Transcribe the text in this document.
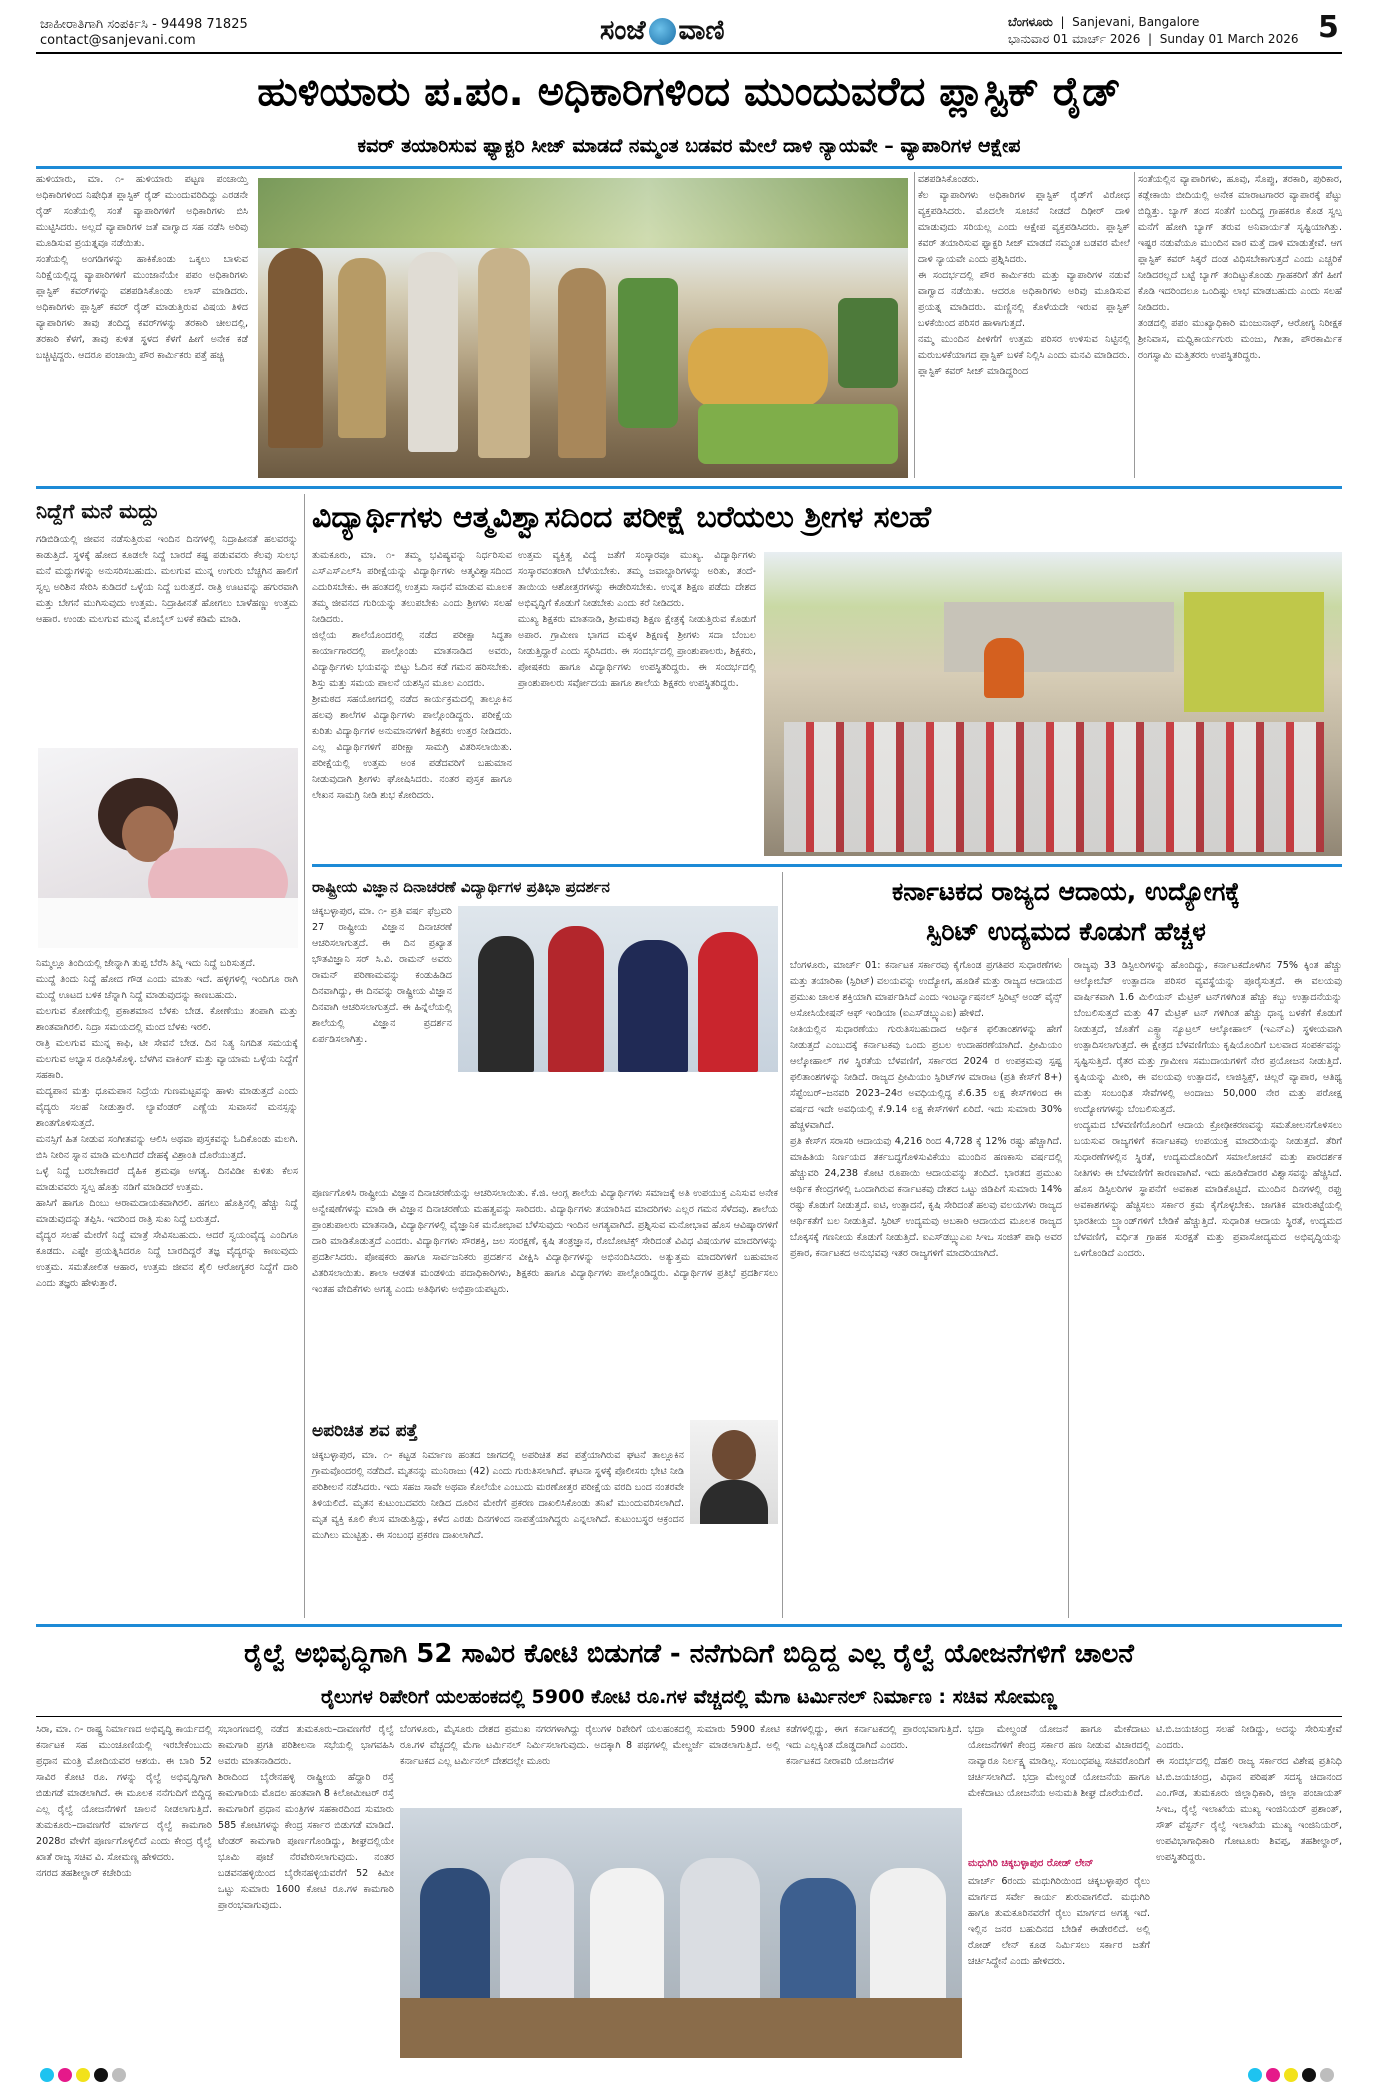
ಜಾಹೀರಾತಿಗಾಗಿ ಸಂಪರ್ಕಿಸಿ - 94498 71825
contact@sanjevani.com	ಸಂಜೆ ವಾಣಿ	ಬೆಂಗಳೂರು  |  Sanjevani, Bangalore
ಭಾನುವಾರ 01 ಮಾರ್ಚ್ 2026  |  Sunday 01 March 2026 5
ಹುಳಿಯಾರು ಪ.ಪಂ. ಅಧಿಕಾರಿಗಳಿಂದ ಮುಂದುವರೆದ ಪ್ಲಾಸ್ಟಿಕ್ ರೈಡ್
ಕವರ್ ತಯಾರಿಸುವ ಫ್ಯಾಕ್ಟರಿ ಸೀಜ್ ಮಾಡದೆ ನಮ್ಮಂತ ಬಡವರ ಮೇಲೆ ದಾಳಿ ನ್ಯಾಯವೇ – ವ್ಯಾಪಾರಿಗಳ ಆಕ್ಷೇಪ
ಹುಳಿಯಾರು, ಮಾ. ೧- ಹುಳಿಯಾರು ಪಟ್ಟಣ ಪಂಚಾಯ್ತಿ ಅಧಿಕಾರಿಗಳಿಂದ ನಿಷೇಧಿತ ಪ್ಲಾಸ್ಟಿಕ್ ರೈಡ್ ಮುಂದುವರಿದಿದ್ದು ಎರಡನೇ ರೈಡ್ ಸಂತೆಯಲ್ಲಿ ಸಂತೆ ವ್ಯಾಪಾರಿಗಳಿಗೆ ಅಧಿಕಾರಿಗಳು ಬಿಸಿ ಮುಟ್ಟಿಸಿದರು. ಅಲ್ಲದೆ ವ್ಯಾಪಾರಿಗಳ ಜತೆ ವಾಗ್ವಾದ ಸಹ ನಡೆಸಿ ಅರಿವು ಮೂಡಿಸುವ ಪ್ರಯತ್ನವೂ ನಡೆಯಿತು.
ಸಂತೆಯಲ್ಲಿ ಅಂಗಡಿಗಳನ್ನು ಹಾಕಿಕೊಂಡು ಒಕ್ಕಲು ಬಾಳುವ ನಿರಿಕ್ಷೆಯಲ್ಲಿದ್ದ ವ್ಯಾಪಾರಿಗಳಿಗೆ ಮುಂಜಾನೆಯೇ ಪಪಂ ಅಧಿಕಾರಿಗಳು ಪ್ಲಾಸ್ಟಿಕ್ ಕವರ್‌ಗಳನ್ನು ವಶಪಡಿಸಿಕೊಂಡು ಲಾಸ್ ಮಾಡಿದರು. ಅಧಿಕಾರಿಗಳು ಪ್ಲಾಸ್ಟಿಕ್ ಕವರ್ ರೈಡ್ ಮಾಡುತ್ತಿರುವ ವಿಷಯ ತಿಳಿದ ವ್ಯಾಪಾರಿಗಳು ತಾವು ತಂದಿದ್ದ ಕವರ್‌ಗಳನ್ನು ತರಕಾರಿ ಚೀಲದಲ್ಲಿ, ತರಕಾರಿ ಕೆಳಗೆ, ತಾವು ಕುಳಿತ ಸ್ಥಳದ ಕೆಳಗೆ ಹೀಗೆ ಅನೇಕ ಕಡೆ ಬಚ್ಚಿಟ್ಟಿದ್ದರು. ಆದರೂ ಪಂಚಾಯ್ತಿ ಪೌರ ಕಾರ್ಮಿಕರು ಪತ್ತೆ ಹಚ್ಚಿ
ವಶಪಡಿಸಿಕೊಂಡರು.
ಕೆಲ ವ್ಯಾಪಾರಿಗಳು ಅಧಿಕಾರಿಗಳ ಪ್ಲಾಸ್ಟಿಕ್ ರೈಡ್‌ಗೆ ವಿರೋಧ ವ್ಯಕ್ತಪಡಿಸಿದರು. ಮೊದಲೇ ಸೂಚನೆ ನೀಡದೆ ದಿಢೀರ್ ದಾಳಿ ಮಾಡುವುದು ಸರಿಯಲ್ಲ ಎಂದು ಆಕ್ಷೇಪ ವ್ಯಕ್ತಪಡಿಸಿದರು. ಪ್ಲಾಸ್ಟಿಕ್ ಕವರ್ ತಯಾರಿಸುವ ಫ್ಯಾಕ್ಟರಿ ಸೀಜ್ ಮಾಡದೆ ನಮ್ಮಂತ ಬಡವರ ಮೇಲೆ ದಾಳಿ ನ್ಯಾಯವೇ ಎಂದು ಪ್ರಶ್ನಿಸಿದರು.
ಈ ಸಂದರ್ಭದಲ್ಲಿ ಪೌರ ಕಾರ್ಮಿಕರು ಮತ್ತು ವ್ಯಾಪಾರಿಗಳ ನಡುವೆ ವಾಗ್ವಾದ ನಡೆಯಿತು. ಆದರೂ ಅಧಿಕಾರಿಗಳು ಅರಿವು ಮೂಡಿಸುವ ಪ್ರಯತ್ನ ಮಾಡಿದರು. ಮಣ್ಣಿನಲ್ಲಿ ಕೊಳೆಯದೇ ಇರುವ ಪ್ಲಾಸ್ಟಿಕ್ ಬಳಕೆಯಿಂದ ಪರಿಸರ ಹಾಳಾಗುತ್ತದೆ.
ನಮ್ಮ ಮುಂದಿನ ಪೀಳಿಗೆಗೆ ಉತ್ತಮ ಪರಿಸರ ಉಳಿಸುವ ನಿಟ್ಟಿನಲ್ಲಿ ಮರುಬಳಕೆಯಾಗದ ಪ್ಲಾಸ್ಟಿಕ್ ಬಳಕೆ ನಿಲ್ಲಿಸಿ ಎಂದು ಮನವಿ ಮಾಡಿದರು. ಪ್ಲಾಸ್ಟಿಕ್ ಕವರ್ ಸೀಜ್ ಮಾಡಿದ್ದರಿಂದ
ಸಂತೆಯಲ್ಲಿನ ವ್ಯಾಪಾರಿಗಳು, ಹೂವು, ಸೊಪ್ಪು, ತರಕಾರಿ, ಪುರಿಕಾರ, ಕಡ್ಲೇಕಾಯಿ ಬೀದಿಯಲ್ಲಿ ಅನೇಕ ಮಾರಾಟಗಾರರ ವ್ಯಾಪಾರಕ್ಕೆ ಪೆಟ್ಟು ಬಿದ್ದಿತ್ತು. ಬ್ಯಾಗ್ ತಂದ ಸಂತೆಗೆ ಬಂದಿದ್ದ ಗ್ರಾಹಕರೂ ಕೊಡ ಸ್ವಲ್ಪ ಮನೆಗೆ ಹೋಗಿ ಬ್ಯಾಗ್ ತರುವ ಅನಿವಾರ್ಯತೆ ಸೃಷ್ಟಿಯಾಗಿತ್ತು. ಇಷ್ಟರ ನಡುವೆಯೂ ಮುಂದಿನ ವಾರ ಮತ್ತೆ ದಾಳಿ ಮಾಡುತ್ತೇವೆ. ಆಗ ಪ್ಲಾಸ್ಟಿಕ್ ಕವರ್ ಸಿಕ್ಕರೆ ದಂಡ ವಿಧಿಸಬೇಕಾಗುತ್ತದೆ ಎಂದು ಎಚ್ಚರಿಕೆ ನೀಡಿದರಲ್ಲದೆ ಬಟ್ಟೆ ಬ್ಯಾಗ್ ತಂದಿಟ್ಟುಕೊಂಡು ಗ್ರಾಹಕರಿಗೆ ತೆಗೆ ಹೀಗೆ ಕೊಡಿ ಇದರಿಂದಲೂ ಒಂದಿಷ್ಟು ಲಾಭ ಮಾಡಬಹುದು ಎಂದು ಸಲಹೆ ನೀಡಿದರು.
ತಂಡದಲ್ಲಿ ಪಪಂ ಮುಖ್ಯಾಧಿಕಾರಿ ಮಂಜುನಾಥ್, ಆರೋಗ್ಯ ನಿರೀಕ್ಷಕ ಶ್ರೀನಿವಾಸ, ಮಧ್ವಿಕಾರ್ಯಗುರು ಮಂಜು, ಗೀತಾ, ಪೌರಕಾರ್ಮಿಕ ರಂಗಸ್ವಾಮಿ ಮತ್ತಿತರರು ಉಪಸ್ಥಿತರಿದ್ದರು.
ನಿದ್ದೆಗೆ ಮನೆ ಮದ್ದು
ಗಡಿಬಿಡಿಯಲ್ಲಿ ಜೀವನ ನಡೆಸುತ್ತಿರುವ ಇಂದಿನ ದಿನಗಳಲ್ಲಿ ನಿದ್ರಾಹೀನತೆ ಹಲವರನ್ನು ಕಾಡುತ್ತಿದೆ. ಸ್ಥಳಕ್ಕೆ ಹೋದ ಕೂಡಲೇ ನಿದ್ದೆ ಬಾರದೆ ಕಷ್ಟ ಪಡುವವರು ಕೆಲವು ಸುಲಭ ಮನೆ ಮದ್ದುಗಳನ್ನು ಅನುಸರಿಸಬಹುದು. ಮಲಗುವ ಮುನ್ನ ಉಗುರು ಬೆಚ್ಚಗಿನ ಹಾಲಿಗೆ ಸ್ವಲ್ಪ ಅರಿಶಿನ ಸೇರಿಸಿ ಕುಡಿದರೆ ಒಳ್ಳೆಯ ನಿದ್ದೆ ಬರುತ್ತದೆ. ರಾತ್ರಿ ಊಟವನ್ನು ಹಗುರವಾಗಿ ಮತ್ತು ಬೇಗನೆ ಮುಗಿಸುವುದು ಉತ್ತಮ. ನಿದ್ರಾಹೀನತೆ ಹೋಗಲು ಬಾಳೆಹಣ್ಣು ಉತ್ತಮ ಆಹಾರ. ಉಂಡು ಮಲಗುವ ಮುನ್ನ ಮೊಬೈಲ್ ಬಳಕೆ ಕಡಿಮೆ ಮಾಡಿ.
ನಿಮ್ಮಲ್ಲೂ ತಿಂದಿಯಲ್ಲಿ ಜೇನ್ನಾಗಿ ತುಪ್ಪ ಬೆರೆಸಿ ತಿನ್ನಿ ಇದು ನಿದ್ದೆ ಬರಿಸುತ್ತದೆ.
ಮುದ್ದೆ ತಿಂದು ನಿದ್ದೆ ಹೋದ ಗೌಡ ಎಂದು ಮಾತು ಇದೆ. ಹಳ್ಳಿಗಳಲ್ಲಿ ಇಂದಿಗೂ ರಾಗಿ ಮುದ್ದೆ ಊಟದ ಬಳಿಕ ಚೆನ್ನಾಗಿ ನಿದ್ದೆ ಮಾಡುವುದನ್ನು ಕಾಣಬಹುದು.
ಮಲಗುವ ಕೋಣೆಯಲ್ಲಿ ಪ್ರಕಾಶಮಾನ ಬೆಳಕು ಬೇಡ. ಕೋಣೆಯು ತಂಪಾಗಿ ಮತ್ತು ಶಾಂತವಾಗಿರಲಿ. ನಿದ್ರಾ ಸಮಯದಲ್ಲಿ ಮಂದ ಬೆಳಕು ಇರಲಿ.
ರಾತ್ರಿ ಮಲಗುವ ಮುನ್ನ ಕಾಫಿ, ಟೀ ಸೇವನೆ ಬೇಡ. ದಿನ ನಿತ್ಯ ನಿಗದಿತ ಸಮಯಕ್ಕೆ ಮಲಗುವ ಅಭ್ಯಾಸ ರೂಢಿಸಿಕೊಳ್ಳಿ. ಬೆಳಗಿನ ವಾಕಿಂಗ್ ಮತ್ತು ವ್ಯಾಯಾಮ ಒಳ್ಳೆಯ ನಿದ್ದೆಗೆ ಸಹಕಾರಿ.
ಮದ್ಯಪಾನ ಮತ್ತು ಧೂಮಪಾನ ನಿದ್ರೆಯ ಗುಣಮಟ್ಟವನ್ನು ಹಾಳು ಮಾಡುತ್ತದೆ ಎಂದು ವೈದ್ಯರು ಸಲಹೆ ನೀಡುತ್ತಾರೆ. ಲ್ಯಾವೆಂಡರ್ ಎಣ್ಣೆಯ ಸುವಾಸನೆ ಮನಸ್ಸನ್ನು ಶಾಂತಗೊಳಿಸುತ್ತದೆ.
ಮನಸ್ಸಿಗೆ ಹಿತ ನೀಡುವ ಸಂಗೀತವನ್ನು ಆಲಿಸಿ ಅಥವಾ ಪುಸ್ತಕವನ್ನು ಓದಿಕೊಂಡು ಮಲಗಿ. ಬಿಸಿ ನೀರಿನ ಸ್ನಾನ ಮಾಡಿ ಮಲಗಿದರೆ ದೇಹಕ್ಕೆ ವಿಶ್ರಾಂತಿ ದೊರೆಯುತ್ತದೆ.
ಒಳ್ಳೆ ನಿದ್ದೆ ಬರಬೇಕಾದರೆ ದೈಹಿಕ ಶ್ರಮವೂ ಅಗತ್ಯ. ದಿನವಿಡೀ ಕುಳಿತು ಕೆಲಸ ಮಾಡುವವರು ಸ್ವಲ್ಪ ಹೊತ್ತು ನಡಿಗೆ ಮಾಡಿದರೆ ಉತ್ತಮ.
ಹಾಸಿಗೆ ಹಾಗೂ ದಿಂಬು ಆರಾಮದಾಯಕವಾಗಿರಲಿ. ಹಗಲು ಹೊತ್ತಿನಲ್ಲಿ ಹೆಚ್ಚು ನಿದ್ದೆ ಮಾಡುವುದನ್ನು ತಪ್ಪಿಸಿ. ಇದರಿಂದ ರಾತ್ರಿ ಸುಖ ನಿದ್ದೆ ಬರುತ್ತದೆ.
ವೈದ್ಯರ ಸಲಹೆ ಮೇರೆಗೆ ನಿದ್ದೆ ಮಾತ್ರೆ ಸೇವಿಸಬಹುದು. ಆದರೆ ಸ್ವಯಂವೈದ್ಯ ಎಂದಿಗೂ ಕೂಡದು. ಎಷ್ಟೇ ಪ್ರಯತ್ನಿಸಿದರೂ ನಿದ್ದೆ ಬಾರದಿದ್ದರೆ ತಜ್ಞ ವೈದ್ಯರನ್ನು ಕಾಣುವುದು ಉತ್ತಮ. ಸಮತೋಲಿತ ಆಹಾರ, ಉತ್ತಮ ಜೀವನ ಶೈಲಿ ಆರೋಗ್ಯಕರ ನಿದ್ದೆಗೆ ದಾರಿ ಎಂದು ತಜ್ಞರು ಹೇಳುತ್ತಾರೆ.
ವಿದ್ಯಾರ್ಥಿಗಳು ಆತ್ಮವಿಶ್ವಾಸದಿಂದ ಪರೀಕ್ಷೆ ಬರೆಯಲು ಶ್ರೀಗಳ ಸಲಹೆ
ತುಮಕೂರು, ಮಾ. ೧- ತಮ್ಮ ಭವಿಷ್ಯವನ್ನು ನಿರ್ಧರಿಸುವ ಎಸ್‌ಎಸ್‌ಎಲ್‌ಸಿ ಪರೀಕ್ಷೆಯನ್ನು ವಿದ್ಯಾರ್ಥಿಗಳು ಆತ್ಮವಿಶ್ವಾಸದಿಂದ ಎದುರಿಸಬೇಕು. ಈ ಹಂತದಲ್ಲಿ ಉತ್ತಮ ಸಾಧನೆ ಮಾಡುವ ಮೂಲಕ ತಮ್ಮ ಜೀವನದ ಗುರಿಯನ್ನು ತಲುಪಬೇಕು ಎಂದು ಶ್ರೀಗಳು ಸಲಹೆ ನೀಡಿದರು.
ಜಿಲ್ಲೆಯ ಶಾಲೆಯೊಂದರಲ್ಲಿ ನಡೆದ ಪರೀಕ್ಷಾ ಸಿದ್ಧತಾ ಕಾರ್ಯಾಗಾರದಲ್ಲಿ ಪಾಲ್ಗೊಂಡು ಮಾತನಾಡಿದ ಅವರು, ವಿದ್ಯಾರ್ಥಿಗಳು ಭಯವನ್ನು ಬಿಟ್ಟು ಓದಿನ ಕಡೆ ಗಮನ ಹರಿಸಬೇಕು. ಶಿಸ್ತು ಮತ್ತು ಸಮಯ ಪಾಲನೆ ಯಶಸ್ಸಿನ ಮೂಲ ಎಂದರು.
ಶ್ರೀಮಠದ ಸಹಯೋಗದಲ್ಲಿ ನಡೆದ ಕಾರ್ಯಕ್ರಮದಲ್ಲಿ ತಾಲ್ಲೂಕಿನ ಹಲವು ಶಾಲೆಗಳ ವಿದ್ಯಾರ್ಥಿಗಳು ಪಾಲ್ಗೊಂಡಿದ್ದರು. ಪರೀಕ್ಷೆಯ ಕುರಿತು ವಿದ್ಯಾರ್ಥಿಗಳ ಅನುಮಾನಗಳಿಗೆ ಶಿಕ್ಷಕರು ಉತ್ತರ ನೀಡಿದರು. ಎಲ್ಲ ವಿದ್ಯಾರ್ಥಿಗಳಿಗೆ ಪರೀಕ್ಷಾ ಸಾಮಗ್ರಿ ವಿತರಿಸಲಾಯಿತು. ಪರೀಕ್ಷೆಯಲ್ಲಿ ಉತ್ತಮ ಅಂಕ ಪಡೆದವರಿಗೆ ಬಹುಮಾನ ನೀಡುವುದಾಗಿ ಶ್ರೀಗಳು ಘೋಷಿಸಿದರು. ನಂತರ ಪುಸ್ತಕ ಹಾಗೂ ಲೇಖನ ಸಾಮಗ್ರಿ ನೀಡಿ ಶುಭ ಕೋರಿದರು.
ಉತ್ತಮ ವ್ಯಕ್ತಿತ್ವ ವಿದ್ಯೆ ಜತೆಗೆ ಸಂಸ್ಕಾರವೂ ಮುಖ್ಯ. ವಿದ್ಯಾರ್ಥಿಗಳು ಸಂಸ್ಕಾರವಂತರಾಗಿ ಬೆಳೆಯಬೇಕು. ತಮ್ಮ ಜವಾಬ್ದಾರಿಗಳನ್ನು ಅರಿತು, ತಂದೆ-ತಾಯಿಯ ಆಶೋತ್ತರಗಳನ್ನು ಈಡೇರಿಸಬೇಕು. ಉನ್ನತ ಶಿಕ್ಷಣ ಪಡೆದು ದೇಶದ ಅಭಿವೃದ್ಧಿಗೆ ಕೊಡುಗೆ ನೀಡಬೇಕು ಎಂದು ಕರೆ ನೀಡಿದರು.
ಮುಖ್ಯ ಶಿಕ್ಷಕರು ಮಾತನಾಡಿ, ಶ್ರೀಮಠವು ಶಿಕ್ಷಣ ಕ್ಷೇತ್ರಕ್ಕೆ ನೀಡುತ್ತಿರುವ ಕೊಡುಗೆ ಅಪಾರ. ಗ್ರಾಮೀಣ ಭಾಗದ ಮಕ್ಕಳ ಶಿಕ್ಷಣಕ್ಕೆ ಶ್ರೀಗಳು ಸದಾ ಬೆಂಬಲ ನೀಡುತ್ತಿದ್ದಾರೆ ಎಂದು ಸ್ಮರಿಸಿದರು. ಈ ಸಂದರ್ಭದಲ್ಲಿ ಪ್ರಾಂಶುಪಾಲರು, ಶಿಕ್ಷಕರು, ಪೋಷಕರು ಹಾಗೂ ವಿದ್ಯಾರ್ಥಿಗಳು ಉಪಸ್ಥಿತರಿದ್ದರು. ಈ ಸಂದರ್ಭದಲ್ಲಿ ಪ್ರಾಂಶುಪಾಲರು ಸರ್ವೋದಯ ಹಾಗೂ ಶಾಲೆಯ ಶಿಕ್ಷಕರು ಉಪಸ್ಥಿತರಿದ್ದರು.
ರಾಷ್ಟ್ರೀಯ ವಿಜ್ಞಾನ ದಿನಾಚರಣೆ ವಿದ್ಯಾರ್ಥಿಗಳ ಪ್ರತಿಭಾ ಪ್ರದರ್ಶನ
ಚಿಕ್ಕಬಳ್ಳಾಪುರ, ಮಾ. ೧- ಪ್ರತಿ ವರ್ಷ ಫೆಬ್ರವರಿ 27 ರಾಷ್ಟ್ರೀಯ ವಿಜ್ಞಾನ ದಿನಾಚರಣೆ ಆಚರಿಸಲಾಗುತ್ತದೆ. ಈ ದಿನ ಪ್ರಖ್ಯಾತ ಭೌತವಿಜ್ಞಾನಿ ಸರ್ ಸಿ.ವಿ. ರಾಮನ್ ಅವರು ರಾಮನ್ ಪರಿಣಾಮವನ್ನು ಕಂಡುಹಿಡಿದ ದಿನವಾಗಿದ್ದು, ಈ ದಿನವನ್ನು ರಾಷ್ಟ್ರೀಯ ವಿಜ್ಞಾನ ದಿನವಾಗಿ ಆಚರಿಸಲಾಗುತ್ತದೆ. ಈ ಹಿನ್ನೆಲೆಯಲ್ಲಿ ಶಾಲೆಯಲ್ಲಿ ವಿಜ್ಞಾನ ಪ್ರದರ್ಶನ ಏರ್ಪಡಿಸಲಾಗಿತ್ತು.
ಪೂರ್ಣಗೊಳಿಸಿ ರಾಷ್ಟ್ರೀಯ ವಿಜ್ಞಾನ ದಿನಾಚರಣೆಯನ್ನು ಆಚರಿಸಲಾಯಿತು. ಕೆ.ಜಿ. ಆಂಗ್ಲ ಶಾಲೆಯ ವಿದ್ಯಾರ್ಥಿಗಳು ಸಮಾಜಕ್ಕೆ ಅತಿ ಉಪಯುಕ್ತ ಎನಿಸುವ ಅನೇಕ ಅನ್ವೇಷಣೆಗಳನ್ನು ಮಾಡಿ ಈ ವಿಜ್ಞಾನ ದಿನಾಚರಣೆಯ ಮಹತ್ವವನ್ನು ಸಾರಿದರು. ವಿದ್ಯಾರ್ಥಿಗಳು ತಯಾರಿಸಿದ ಮಾದರಿಗಳು ಎಲ್ಲರ ಗಮನ ಸೆಳೆದವು. ಶಾಲೆಯ ಪ್ರಾಂಶುಪಾಲರು ಮಾತನಾಡಿ, ವಿದ್ಯಾರ್ಥಿಗಳಲ್ಲಿ ವೈಜ್ಞಾನಿಕ ಮನೋಭಾವ ಬೆಳೆಸುವುದು ಇಂದಿನ ಅಗತ್ಯವಾಗಿದೆ. ಪ್ರಶ್ನಿಸುವ ಮನೋಭಾವ ಹೊಸ ಆವಿಷ್ಕಾರಗಳಿಗೆ ದಾರಿ ಮಾಡಿಕೊಡುತ್ತದೆ ಎಂದರು. ವಿದ್ಯಾರ್ಥಿಗಳು ಸೌರಶಕ್ತಿ, ಜಲ ಸಂರಕ್ಷಣೆ, ಕೃಷಿ ತಂತ್ರಜ್ಞಾನ, ರೊಬೋಟಿಕ್ಸ್ ಸೇರಿದಂತೆ ವಿವಿಧ ವಿಷಯಗಳ ಮಾದರಿಗಳನ್ನು ಪ್ರದರ್ಶಿಸಿದರು. ಪೋಷಕರು ಹಾಗೂ ಸಾರ್ವಜನಿಕರು ಪ್ರದರ್ಶನ ವೀಕ್ಷಿಸಿ ವಿದ್ಯಾರ್ಥಿಗಳನ್ನು ಅಭಿನಂದಿಸಿದರು. ಅತ್ಯುತ್ತಮ ಮಾದರಿಗಳಿಗೆ ಬಹುಮಾನ ವಿತರಿಸಲಾಯಿತು. ಶಾಲಾ ಆಡಳಿತ ಮಂಡಳಿಯ ಪದಾಧಿಕಾರಿಗಳು, ಶಿಕ್ಷಕರು ಹಾಗೂ ವಿದ್ಯಾರ್ಥಿಗಳು ಪಾಲ್ಗೊಂಡಿದ್ದರು. ವಿದ್ಯಾರ್ಥಿಗಳ ಪ್ರತಿಭೆ ಪ್ರದರ್ಶಿಸಲು ಇಂತಹ ವೇದಿಕೆಗಳು ಅಗತ್ಯ ಎಂದು ಅತಿಥಿಗಳು ಅಭಿಪ್ರಾಯಪಟ್ಟರು.
ಅಪರಿಚಿತ ಶವ ಪತ್ತೆ
ಚಿಕ್ಕಬಳ್ಳಾಪುರ, ಮಾ. ೧- ಕಟ್ಟಡ ನಿರ್ಮಾಣ ಹಂತದ ಜಾಗದಲ್ಲಿ ಅಪರಿಚಿತ ಶವ ಪತ್ತೆಯಾಗಿರುವ ಘಟನೆ ತಾಲ್ಲೂಕಿನ ಗ್ರಾಮವೊಂದರಲ್ಲಿ ನಡೆದಿದೆ. ಮೃತನನ್ನು ಮುನಿರಾಜು (42) ಎಂದು ಗುರುತಿಸಲಾಗಿದೆ. ಘಟನಾ ಸ್ಥಳಕ್ಕೆ ಪೊಲೀಸರು ಭೇಟಿ ನೀಡಿ ಪರಿಶೀಲನೆ ನಡೆಸಿದರು. ಇದು ಸಹಜ ಸಾವೇ ಅಥವಾ ಕೊಲೆಯೇ ಎಂಬುದು ಮರಣೋತ್ತರ ಪರೀಕ್ಷೆಯ ವರದಿ ಬಂದ ನಂತರವೇ ತಿಳಿಯಲಿದೆ. ಮೃತನ ಕುಟುಂಬದವರು ನೀಡಿದ ದೂರಿನ ಮೇರೆಗೆ ಪ್ರಕರಣ ದಾಖಲಿಸಿಕೊಂಡು ತನಿಖೆ ಮುಂದುವರಿಸಲಾಗಿದೆ. ಮೃತ ವ್ಯಕ್ತಿ ಕೂಲಿ ಕೆಲಸ ಮಾಡುತ್ತಿದ್ದು, ಕಳೆದ ಎರಡು ದಿನಗಳಿಂದ ನಾಪತ್ತೆಯಾಗಿದ್ದರು ಎನ್ನಲಾಗಿದೆ. ಕುಟುಂಬಸ್ಥರ ಆಕ್ರಂದನ ಮುಗಿಲು ಮುಟ್ಟಿತ್ತು. ಈ ಸಂಬಂಧ ಪ್ರಕರಣ ದಾಖಲಾಗಿದೆ.
ಕರ್ನಾಟಕದ ರಾಜ್ಯದ ಆದಾಯ, ಉದ್ಯೋಗಕ್ಕೆ
ಸ್ಪಿರಿಟ್ ಉದ್ಯಮದ ಕೊಡುಗೆ ಹೆಚ್ಚಳ
ಬೆಂಗಳೂರು, ಮಾರ್ಚ್ 01: ಕರ್ನಾಟಕ ಸರ್ಕಾರವು ಕೈಗೊಂಡ ಪ್ರಗತಿಪರ ಸುಧಾರಣೆಗಳು ಮತ್ತು ತಯಾರಿಕಾ (ಸ್ಪಿರಿಟ್) ವಲಯವನ್ನು ಉದ್ಯೋಗ, ಹೂಡಿಕೆ ಮತ್ತು ರಾಜ್ಯದ ಆದಾಯದ ಪ್ರಮುಖ ಚಾಲಕ ಶಕ್ತಿಯಾಗಿ ಮಾರ್ಪಡಿಸಿದೆ ಎಂದು ಇಂಟರ್ನ್ಯಾಷನಲ್ ಸ್ಪಿರಿಟ್ಸ್ ಅಂಡ್ ವೈನ್ಸ್ ಅಸೋಸಿಯೇಷನ್ ಆಫ್ ಇಂಡಿಯಾ (ಐಎಸ್‌ಡಬ್ಲ್ಯುಎಐ) ಹೇಳಿದೆ.
ನೀತಿಯಲ್ಲಿನ ಸುಧಾರಣೆಯು ಗುರುತಿಸಬಹುದಾದ ಆರ್ಥಿಕ ಫಲಿತಾಂಶಗಳನ್ನು ಹೇಗೆ ನೀಡುತ್ತದೆ ಎಂಬುದಕ್ಕೆ ಕರ್ನಾಟಕವು ಒಂದು ಪ್ರಬಲ ಉದಾಹರಣೆಯಾಗಿದೆ. ಪ್ರೀಮಿಯಂ ಆಲ್ಕೋಹಾಲ್ ಗಳ ಸ್ಥಿರತೆಯ ಬೆಳವಣಿಗೆ, ಸರ್ಕಾರದ 2024 ರ ಉಪಕ್ರಮವು ಸ್ಪಷ್ಟ ಫಲಿತಾಂಶಗಳನ್ನು ನೀಡಿದೆ. ರಾಜ್ಯದ ಪ್ರೀಮಿಯಂ ಸ್ಪಿರಿಟ್‌ಗಳ ಮಾರಾಟ (ಪ್ರತಿ ಕೇಸ್‌ಗೆ 8+) ಸೆಪ್ಟೆಂಬರ್–ಜನವರಿ 2023–24ರ ಅವಧಿಯಲ್ಲಿದ್ದ ಕೆ.6.35 ಲಕ್ಷ ಕೇಸ್‌ಗಳಿಂದ ಈ ವರ್ಷದ ಇದೇ ಅವಧಿಯಲ್ಲಿ ಕೆ.9.14 ಲಕ್ಷ ಕೇಸ್‌ಗಳಿಗೆ ಏರಿದೆ. ಇದು ಸುಮಾರು 30% ಹೆಚ್ಚಳವಾಗಿದೆ.
ಪ್ರತಿ ಕೇಸ್‌ಗ ಸರಾಸರಿ ಆದಾಯವು 4,216 ರಿಂದ 4,728 ಕ್ಕೆ 12% ರಷ್ಟು ಹೆಚ್ಚಾಗಿದೆ. ಮಾಹಿತಿಯ ನಿರ್ಣಯದ ತರ್ಕಬದ್ಧಗೊಳಿಸುವಿಕೆಯು ಮುಂದಿನ ಹಣಕಾಸು ವರ್ಷದಲ್ಲಿ ಹೆಚ್ಚುವರಿ 24,238 ಕೋಟಿ ರೂಪಾಯಿ ಆದಾಯವನ್ನು ತಂದಿದೆ. ಭಾರತದ ಪ್ರಮುಖ ಆರ್ಥಿಕ ಕೇಂದ್ರಗಳಲ್ಲಿ ಒಂದಾಗಿರುವ ಕರ್ನಾಟಕವು ದೇಶದ ಒಟ್ಟು ಜಿಡಿಪಿಗೆ ಸುಮಾರು 14% ರಷ್ಟು ಕೊಡುಗೆ ನೀಡುತ್ತದೆ. ಐಟಿ, ಉತ್ಪಾದನೆ, ಕೃಷಿ ಸೇರಿದಂತೆ ಹಲವು ವಲಯಗಳು ರಾಜ್ಯದ ಆರ್ಥಿಕತೆಗೆ ಬಲ ನೀಡುತ್ತಿವೆ. ಸ್ಪಿರಿಟ್ ಉದ್ಯಮವು ಅಬಕಾರಿ ಆದಾಯದ ಮೂಲಕ ರಾಜ್ಯದ ಬೊಕ್ಕಸಕ್ಕೆ ಗಣನೀಯ ಕೊಡುಗೆ ನೀಡುತ್ತಿದೆ. ಐಎಸ್‌ಡಬ್ಲ್ಯುಎಐ ಸಿಇಒ ಸಂಜಿತ್ ಪಾಧಿ ಅವರ ಪ್ರಕಾರ, ಕರ್ನಾಟಕದ ಅನುಭವವು ಇತರ ರಾಜ್ಯಗಳಿಗೆ ಮಾದರಿಯಾಗಿದೆ.
ರಾಜ್ಯವು 33 ಡಿಸ್ಟಿಲರಿಗಳನ್ನು ಹೊಂದಿದ್ದು, ಕರ್ನಾಟಕದೊಳಗಿನ 75% ಕ್ಕಿಂತ ಹೆಚ್ಚು ಆಲ್ಕೋಬೆವ್ ಉತ್ಪಾದನಾ ಪರಿಸರ ವ್ಯವಸ್ಥೆಯನ್ನು ಪೂರೈಸುತ್ತದೆ. ಈ ವಲಯವು ವಾರ್ಷಿಕವಾಗಿ 1.6 ಮಿಲಿಯನ್ ಮೆಟ್ರಿಕ್ ಟನ್‌ಗಳಿಗಿಂತ ಹೆಚ್ಚು ಕಬ್ಬು ಉತ್ಪಾದನೆಯನ್ನು ಬೆಂಬಲಿಸುತ್ತದೆ ಮತ್ತು 47 ಮೆಟ್ರಿಕ್ ಟನ್ ಗಳಿಗಿಂತ ಹೆಚ್ಚು ಧಾನ್ಯ ಬಳಕೆಗೆ ಕೊಡುಗೆ ನೀಡುತ್ತದೆ, ಜೊತೆಗೆ ಎಕ್ಸ್ಟ್ರಾ ನ್ಯೂಟ್ರಲ್ ಆಲ್ಕೋಹಾಲ್ (ಇಎನ್‌ಎ) ಸ್ಥಳೀಯವಾಗಿ ಉತ್ಪಾದಿಸಲಾಗುತ್ತದೆ. ಈ ಕ್ಷೇತ್ರದ ಬೆಳವಣಿಗೆಯು ಕೃಷಿಯೊಂದಿಗೆ ಬಲವಾದ ಸಂಪರ್ಕವನ್ನು ಸೃಷ್ಟಿಸುತ್ತಿದೆ. ರೈತರ ಮತ್ತು ಗ್ರಾಮೀಣ ಸಮುದಾಯಗಳಿಗೆ ನೇರ ಪ್ರಯೋಜನ ನೀಡುತ್ತಿದೆ. ಕೃಷಿಯನ್ನು ಮೀರಿ, ಈ ವಲಯವು ಉತ್ಪಾದನೆ, ಲಾಜಿಸ್ಟಿಕ್ಸ್, ಚಿಲ್ಲರೆ ವ್ಯಾಪಾರ, ಆತಿಥ್ಯ ಮತ್ತು ಸಂಬಂಧಿತ ಸೇವೆಗಳಲ್ಲಿ ಅಂದಾಜು 50,000 ನೇರ ಮತ್ತು ಪರೋಕ್ಷ ಉದ್ಯೋಗಗಳನ್ನು ಬೆಂಬಲಿಸುತ್ತದೆ.
ಉದ್ಯಮದ ಬೆಳವಣಿಗೆಯೊಂದಿಗೆ ಆದಾಯ ಕ್ರೋಢೀಕರಣವನ್ನು ಸಮತೋಲನಗೊಳಿಸಲು ಬಯಸುವ ರಾಜ್ಯಗಳಿಗೆ ಕರ್ನಾಟಕವು ಉಪಯುಕ್ತ ಮಾದರಿಯನ್ನು ನೀಡುತ್ತದೆ. ತೆರಿಗೆ ಸುಧಾರಣೆಗಳಲ್ಲಿನ ಸ್ಥಿರತೆ, ಉದ್ಯಮದೊಂದಿಗೆ ಸಮಾಲೋಚನೆ ಮತ್ತು ಪಾರದರ್ಶಕ ನೀತಿಗಳು ಈ ಬೆಳವಣಿಗೆಗೆ ಕಾರಣವಾಗಿವೆ. ಇದು ಹೂಡಿಕೆದಾರರ ವಿಶ್ವಾಸವನ್ನು ಹೆಚ್ಚಿಸಿದೆ. ಹೊಸ ಡಿಸ್ಟಿಲರಿಗಳ ಸ್ಥಾಪನೆಗೆ ಅವಕಾಶ ಮಾಡಿಕೊಟ್ಟಿದೆ. ಮುಂದಿನ ದಿನಗಳಲ್ಲಿ ರಫ್ತು ಅವಕಾಶಗಳನ್ನು ಹೆಚ್ಚಿಸಲು ಸರ್ಕಾರ ಕ್ರಮ ಕೈಗೊಳ್ಳಬೇಕು. ಜಾಗತಿಕ ಮಾರುಕಟ್ಟೆಯಲ್ಲಿ ಭಾರತೀಯ ಬ್ರ್ಯಾಂಡ್‌ಗಳಿಗೆ ಬೇಡಿಕೆ ಹೆಚ್ಚುತ್ತಿದೆ. ಸುಧಾರಿತ ಆದಾಯ ಸ್ಥಿರತೆ, ಉದ್ಯಮದ ಬೆಳವಣಿಗೆ, ವರ್ಧಿತ ಗ್ರಾಹಕ ಸುರಕ್ಷತೆ ಮತ್ತು ಪ್ರವಾಸೋದ್ಯಮದ ಅಭಿವೃದ್ಧಿಯನ್ನು ಒಳಗೊಂಡಿದೆ ಎಂದರು.
ರೈಲ್ವೆ ಅಭಿವೃದ್ಧಿಗಾಗಿ 52 ಸಾವಿರ ಕೋಟಿ ಬಿಡುಗಡೆ - ನನೆಗುದಿಗೆ ಬಿದ್ದಿದ್ದ ಎಲ್ಲ ರೈಲ್ವೆ ಯೋಜನೆಗಳಿಗೆ ಚಾಲನೆ
ರೈಲುಗಳ ರಿಪೇರಿಗೆ ಯಲಹಂಕದಲ್ಲಿ 5900 ಕೋಟಿ ರೂ.ಗಳ ವೆಚ್ಚದಲ್ಲಿ ಮೆಗಾ ಟರ್ಮಿನಲ್ ನಿರ್ಮಾಣ : ಸಚಿವ ಸೋಮಣ್ಣ
ಸಿರಾ, ಮಾ. ೧- ರಾಷ್ಟ್ರ ನಿರ್ಮಾಣದ ಅಭಿವೃದ್ಧಿ ಕಾರ್ಯದಲ್ಲಿ ಕರ್ನಾಟಕ ಸಹ ಮುಂಚೂಣಿಯಲ್ಲಿ ಇರಬೇಕೆಂಬುದು ಪ್ರಧಾನ ಮಂತ್ರಿ ಮೋದಿಯವರ ಆಶಯ. ಈ ಬಾರಿ 52 ಸಾವಿರ ಕೋಟಿ ರೂ. ಗಳನ್ನು ರೈಲ್ವೆ ಅಭಿವೃದ್ಧಿಗಾಗಿ ಬಿಡುಗಡೆ ಮಾಡಲಾಗಿದೆ. ಈ ಮೂಲಕ ನನೆಗುದಿಗೆ ಬಿದ್ದಿದ್ದ ಎಲ್ಲ ರೈಲ್ವೆ ಯೋಜನೆಗಳಿಗೆ ಚಾಲನೆ ನೀಡಲಾಗುತ್ತಿದೆ. ತುಮಕೂರು–ದಾವಣಗೆರೆ ಮಾರ್ಗದ ರೈಲ್ವೆ ಕಾಮಗಾರಿ 2028ರ ವೇಳೆಗೆ ಪೂರ್ಣಗೊಳ್ಳಲಿದೆ ಎಂದು ಕೇಂದ್ರ ರೈಲ್ವೆ ಖಾತೆ ರಾಜ್ಯ ಸಚಿವ ವಿ. ಸೋಮಣ್ಣ ಹೇಳಿದರು.
ನಗರದ ತಹಶೀಲ್ದಾರ್ ಕಚೇರಿಯ
ಸಭಾಂಗಣದಲ್ಲಿ ನಡೆದ ತುಮಕೂರು–ದಾವಣಗೆರೆ ರೈಲ್ವೆ ಕಾಮಗಾರಿ ಪ್ರಗತಿ ಪರಿಶೀಲನಾ ಸಭೆಯಲ್ಲಿ ಭಾಗವಹಿಸಿ ಅವರು ಮಾತನಾಡಿದರು.
ಶಿರಾದಿಂದ ಬೈರೇನಹಳ್ಳಿ ರಾಷ್ಟ್ರೀಯ ಹೆದ್ದಾರಿ ರಸ್ತೆ ಕಾಮಗಾರಿಯ ಮೊದಲ ಹಂತವಾಗಿ 8 ಕಿಲೋಮೀಟರ್ ರಸ್ತೆ ಕಾಮಗಾರಿಗೆ ಪ್ರಧಾನ ಮಂತ್ರಿಗಳ ಸಹಕಾರದಿಂದ ಸುಮಾರು 585 ಕೋಟಿಗಳನ್ನು ಕೇಂದ್ರ ಸರ್ಕಾರ ಬಿಡುಗಡೆ ಮಾಡಿದೆ. ಟೆಂಡರ್ ಕಾಮಗಾರಿ ಪೂರ್ಣಗೊಂಡಿದ್ದು, ಶೀಘ್ರದಲ್ಲಿಯೇ ಭೂಮಿ ಪೂಜೆ ನೆರವೇರಿಸಲಾಗುವುದು. ನಂತರ ಬಡವನಹಳ್ಳಿಯಿಂದ ಬೈರೇನಹಳ್ಳಿಯವರೆಗೆ 52 ಕಿಮೀ ಒಟ್ಟು ಸುಮಾರು 1600 ಕೋಟಿ ರೂ.ಗಳ ಕಾಮಗಾರಿ ಪ್ರಾರಂಭವಾಗುವುದು.
ಬೆಂಗಳೂರು, ಮೈಸೂರು ದೇಶದ ಪ್ರಮುಖ ನಗರಗಳಾಗಿದ್ದು ರೈಲುಗಳ ರಿಪೇರಿಗೆ ಯಲಹಂಕದಲ್ಲಿ ಸುಮಾರು 5900 ಕೋಟಿ ರೂ.ಗಳ ವೆಚ್ಚದಲ್ಲಿ ಮೆಗಾ ಟರ್ಮಿನಲ್ ನಿರ್ಮಿಸಲಾಗುವುದು. ಅದಕ್ಕಾಗಿ 8 ಪಥಗಳಲ್ಲಿ ಮೇಲ್ದರ್ಜೆ ಮಾಡಲಾಗುತ್ತಿದೆ. ಅಲ್ಲಿ ಕರ್ನಾಟಕದ ಎಲ್ಲ ಟರ್ಮಿನಲ್ ದೇಶದಲ್ಲೇ ಮೂರು
ಕಡೆಗಳಲ್ಲಿದ್ದು, ಈಗ ಕರ್ನಾಟಕದಲ್ಲಿ ಪ್ರಾರಂಭವಾಗುತ್ತಿದೆ. ಇದು ಎಲ್ಲಕ್ಕಿಂತ ದೊಡ್ಡದಾಗಿದೆ ಎಂದರು.
ಕರ್ನಾಟಕದ ನೀರಾವರಿ ಯೋಜನೆಗಳ
ಭದ್ರಾ ಮೇಲ್ದಂಡೆ ಯೋಜನೆ ಹಾಗೂ ಮೇಕೆದಾಟು ಯೋಜನೆಗಳಿಗೆ ಕೇಂದ್ರ ಸರ್ಕಾರ ಹಣ ನೀಡುವ ವಿಚಾರದಲ್ಲಿ ನಾವ್ಯಾರೂ ನಿರ್ಲಕ್ಷ್ಯ ಮಾಡಿಲ್ಲ. ಸಂಬಂಧಪಟ್ಟ ಸಚಿವರೊಂದಿಗೆ ಚರ್ಚಿಸಲಾಗಿದೆ. ಭದ್ರಾ ಮೇಲ್ದಂಡೆ ಯೋಜನೆಯ ಹಾಗೂ ಮೇಕೆದಾಟು ಯೋಜನೆಯ ಅನುಮತಿ ಶೀಘ್ರ ದೊರೆಯಲಿದೆ.
ಮಧುಗಿರಿ ಚಿಕ್ಕಬಳ್ಳಾಪುರ ರೋಡ್ ಲೇನ್
ಮಾರ್ಚ್ 6ರಂದು ಮಧುಗಿರಿಯಿಂದ ಚಿಕ್ಕಬಳ್ಳಾಪುರ ರೈಲು ಮಾರ್ಗದ ಸರ್ವೇ ಕಾರ್ಯ ಶುರುವಾಗಲಿದೆ. ಮಧುಗಿರಿ ಹಾಗೂ ತುಮಕೂರಿನವರೆಗೆ ರೈಲು ಮಾರ್ಗದ ಅಗತ್ಯ ಇದೆ. ಇಲ್ಲಿನ ಜನರ ಬಹುದಿನದ ಬೇಡಿಕೆ ಈಡೇರಲಿದೆ. ಅಲ್ಲಿ ರೋಡ್ ಲೇನ್ ಕೂಡ ನಿರ್ಮಿಸಲು ಸರ್ಕಾರ ಜತೆಗೆ ಚರ್ಚಿಸಿದ್ದೇನೆ ಎಂದು ಹೇಳಿದರು.
ಟಿ.ಬಿ.ಜಯಚಂದ್ರ ಸಲಹೆ ನೀಡಿದ್ದು, ಅದನ್ನು ಸೇರಿಸುತ್ತೇವೆ ಎಂದರು.
ಈ ಸಂದರ್ಭದಲ್ಲಿ ದೆಹಲಿ ರಾಜ್ಯ ಸರ್ಕಾರದ ವಿಶೇಷ ಪ್ರತಿನಿಧಿ ಟಿ.ಬಿ.ಜಯಚಂದ್ರ, ವಿಧಾನ ಪರಿಷತ್ ಸದಸ್ಯ ಚಿದಾನಂದ ಎಂ.ಗೌಡ, ತುಮಕೂರು ಜಿಲ್ಲಾಧಿಕಾರಿ, ಜಿಲ್ಲಾ ಪಂಚಾಯತ್ ಸಿಇಒ, ರೈಲ್ವೆ ಇಲಾಖೆಯ ಮುಖ್ಯ ಇಂಜಿನಿಯರ್ ಪ್ರಶಾಂತ್, ಸೌತ್ ವೆಸ್ಟರ್ನ್ ರೈಲ್ವೆ ಇಲಾಖೆಯ ಮುಖ್ಯ ಇಂಜಿನಿಯರ್, ಉಪವಿಭಾಗಾಧಿಕಾರಿ ಗೋಟೂರು ಶಿವಪ್ಪ, ತಹಶೀಲ್ದಾರ್, ಉಪಸ್ಥಿತರಿದ್ದರು.
